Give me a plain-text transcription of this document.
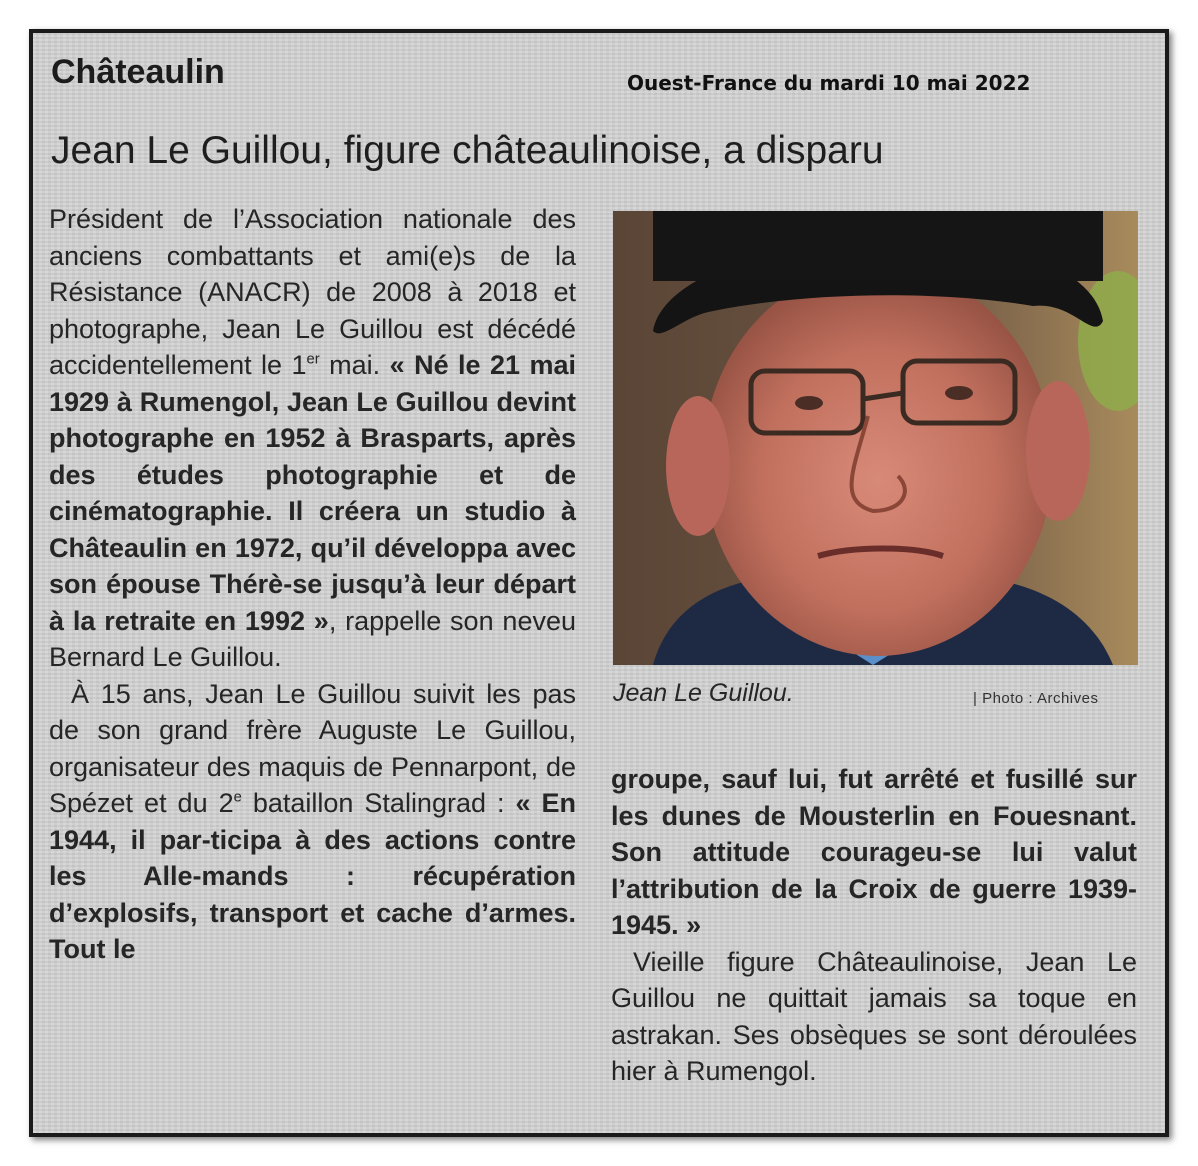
Châteaulin	Ouest-France du mardi 10 mai 2022

Jean Le Guillou, figure châteaulinoise, a disparu

Président de l’Association nationale des anciens combattants et ami(e)s de la Résistance (ANACR) de 2008 à 2018 et photographe, Jean Le Guillou est décédé accidentellement le 1er mai. « Né le 21 mai 1929 à Rumengol, Jean Le Guillou devint photographe en 1952 à Brasparts, après des études photographie et de cinématographie. Il créera un studio à Châteaulin en 1972, qu’il développa avec son épouse Thérè-se jusqu’à leur départ à la retraite en 1992 », rappelle son neveu Bernard Le Guillou.

À 15 ans, Jean Le Guillou suivit les pas de son grand frère Auguste Le Guillou, organisateur des maquis de Pennarpont, de Spézet et du 2e bataillon Stalingrad : « En 1944, il par-ticipa à des actions contre les Alle-mands : récupération d’explosifs, transport et cache d’armes. Tout le

Jean Le Guillou.	| Photo : Archives

groupe, sauf lui, fut arrêté et fusillé sur les dunes de Mousterlin en Fouesnant. Son attitude courageu-se lui valut l’attribution de la Croix de guerre 1939-1945. »

Vieille figure Châteaulinoise, Jean Le Guillou ne quittait jamais sa toque en astrakan. Ses obsèques se sont déroulées hier à Rumengol.
